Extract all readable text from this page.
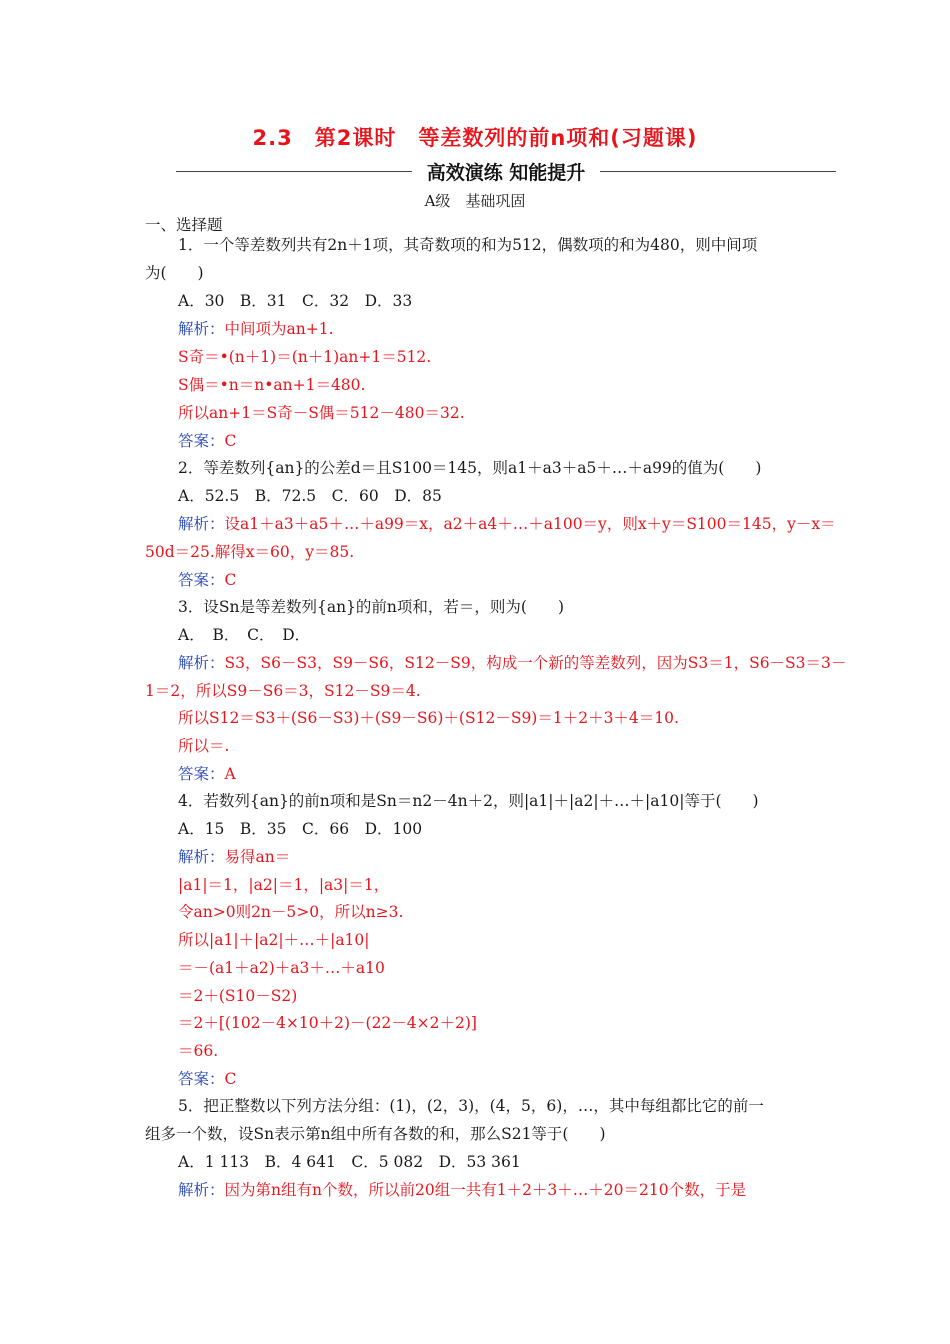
2.3　第2课时　等差数列的前n项和(习题课)
高效演练 知能提升
A级　基础巩固
一、选择题
1．一个等差数列共有2n＋1项，其奇数项的和为512，偶数项的和为480，则中间项
为(　　)
A．30　B．31　C．32　D．33
解析：中间项为an+1.
S奇＝•(n＋1)＝(n＋1)an+1＝512.
S偶＝•n＝n•an+1＝480.
所以an+1＝S奇－S偶＝512－480＝32.
答案：C
2．等差数列{an}的公差d＝且S100＝145，则a1＋a3＋a5＋…＋a99的值为(　　)
A．52.5　B．72.5　C．60　D．85
解析：设a1＋a3＋a5＋…＋a99＝x，a2＋a4＋…＋a100＝y，则x＋y＝S100＝145，y－x＝
50d＝25.解得x＝60，y＝85.
答案：C
3．设Sn是等差数列{an}的前n项和，若＝，则为(　　)
A．　B．　C．　D．
解析：S3，S6－S3，S9－S6，S12－S9，构成一个新的等差数列，因为S3＝1，S6－S3＝3－
1＝2，所以S9－S6＝3，S12－S9＝4.
所以S12＝S3＋(S6－S3)＋(S9－S6)＋(S12－S9)＝1＋2＋3＋4＝10.
所以＝.
答案：A
4．若数列{an}的前n项和是Sn＝n2－4n＋2，则|a1|＋|a2|＋…＋|a10|等于(　　)
A．15　B．35　C．66　D．100
解析：易得an＝
|a1|＝1，|a2|＝1，|a3|＝1，
令an>0则2n－5>0，所以n≥3.
所以|a1|＋|a2|＋…＋|a10|
＝－(a1＋a2)＋a3＋…＋a10
＝2＋(S10－S2)
＝2＋[(102－4×10＋2)－(22－4×2＋2)]
＝66.
答案：C
5．把正整数以下列方法分组：(1)，(2，3)，(4，5，6)，…，其中每组都比它的前一
组多一个数，设Sn表示第n组中所有各数的和，那么S21等于(　　)
A．1 113　B．4 641　C．5 082　D．53 361
解析：因为第n组有n个数，所以前20组一共有1＋2＋3＋…＋20＝210个数，于是
